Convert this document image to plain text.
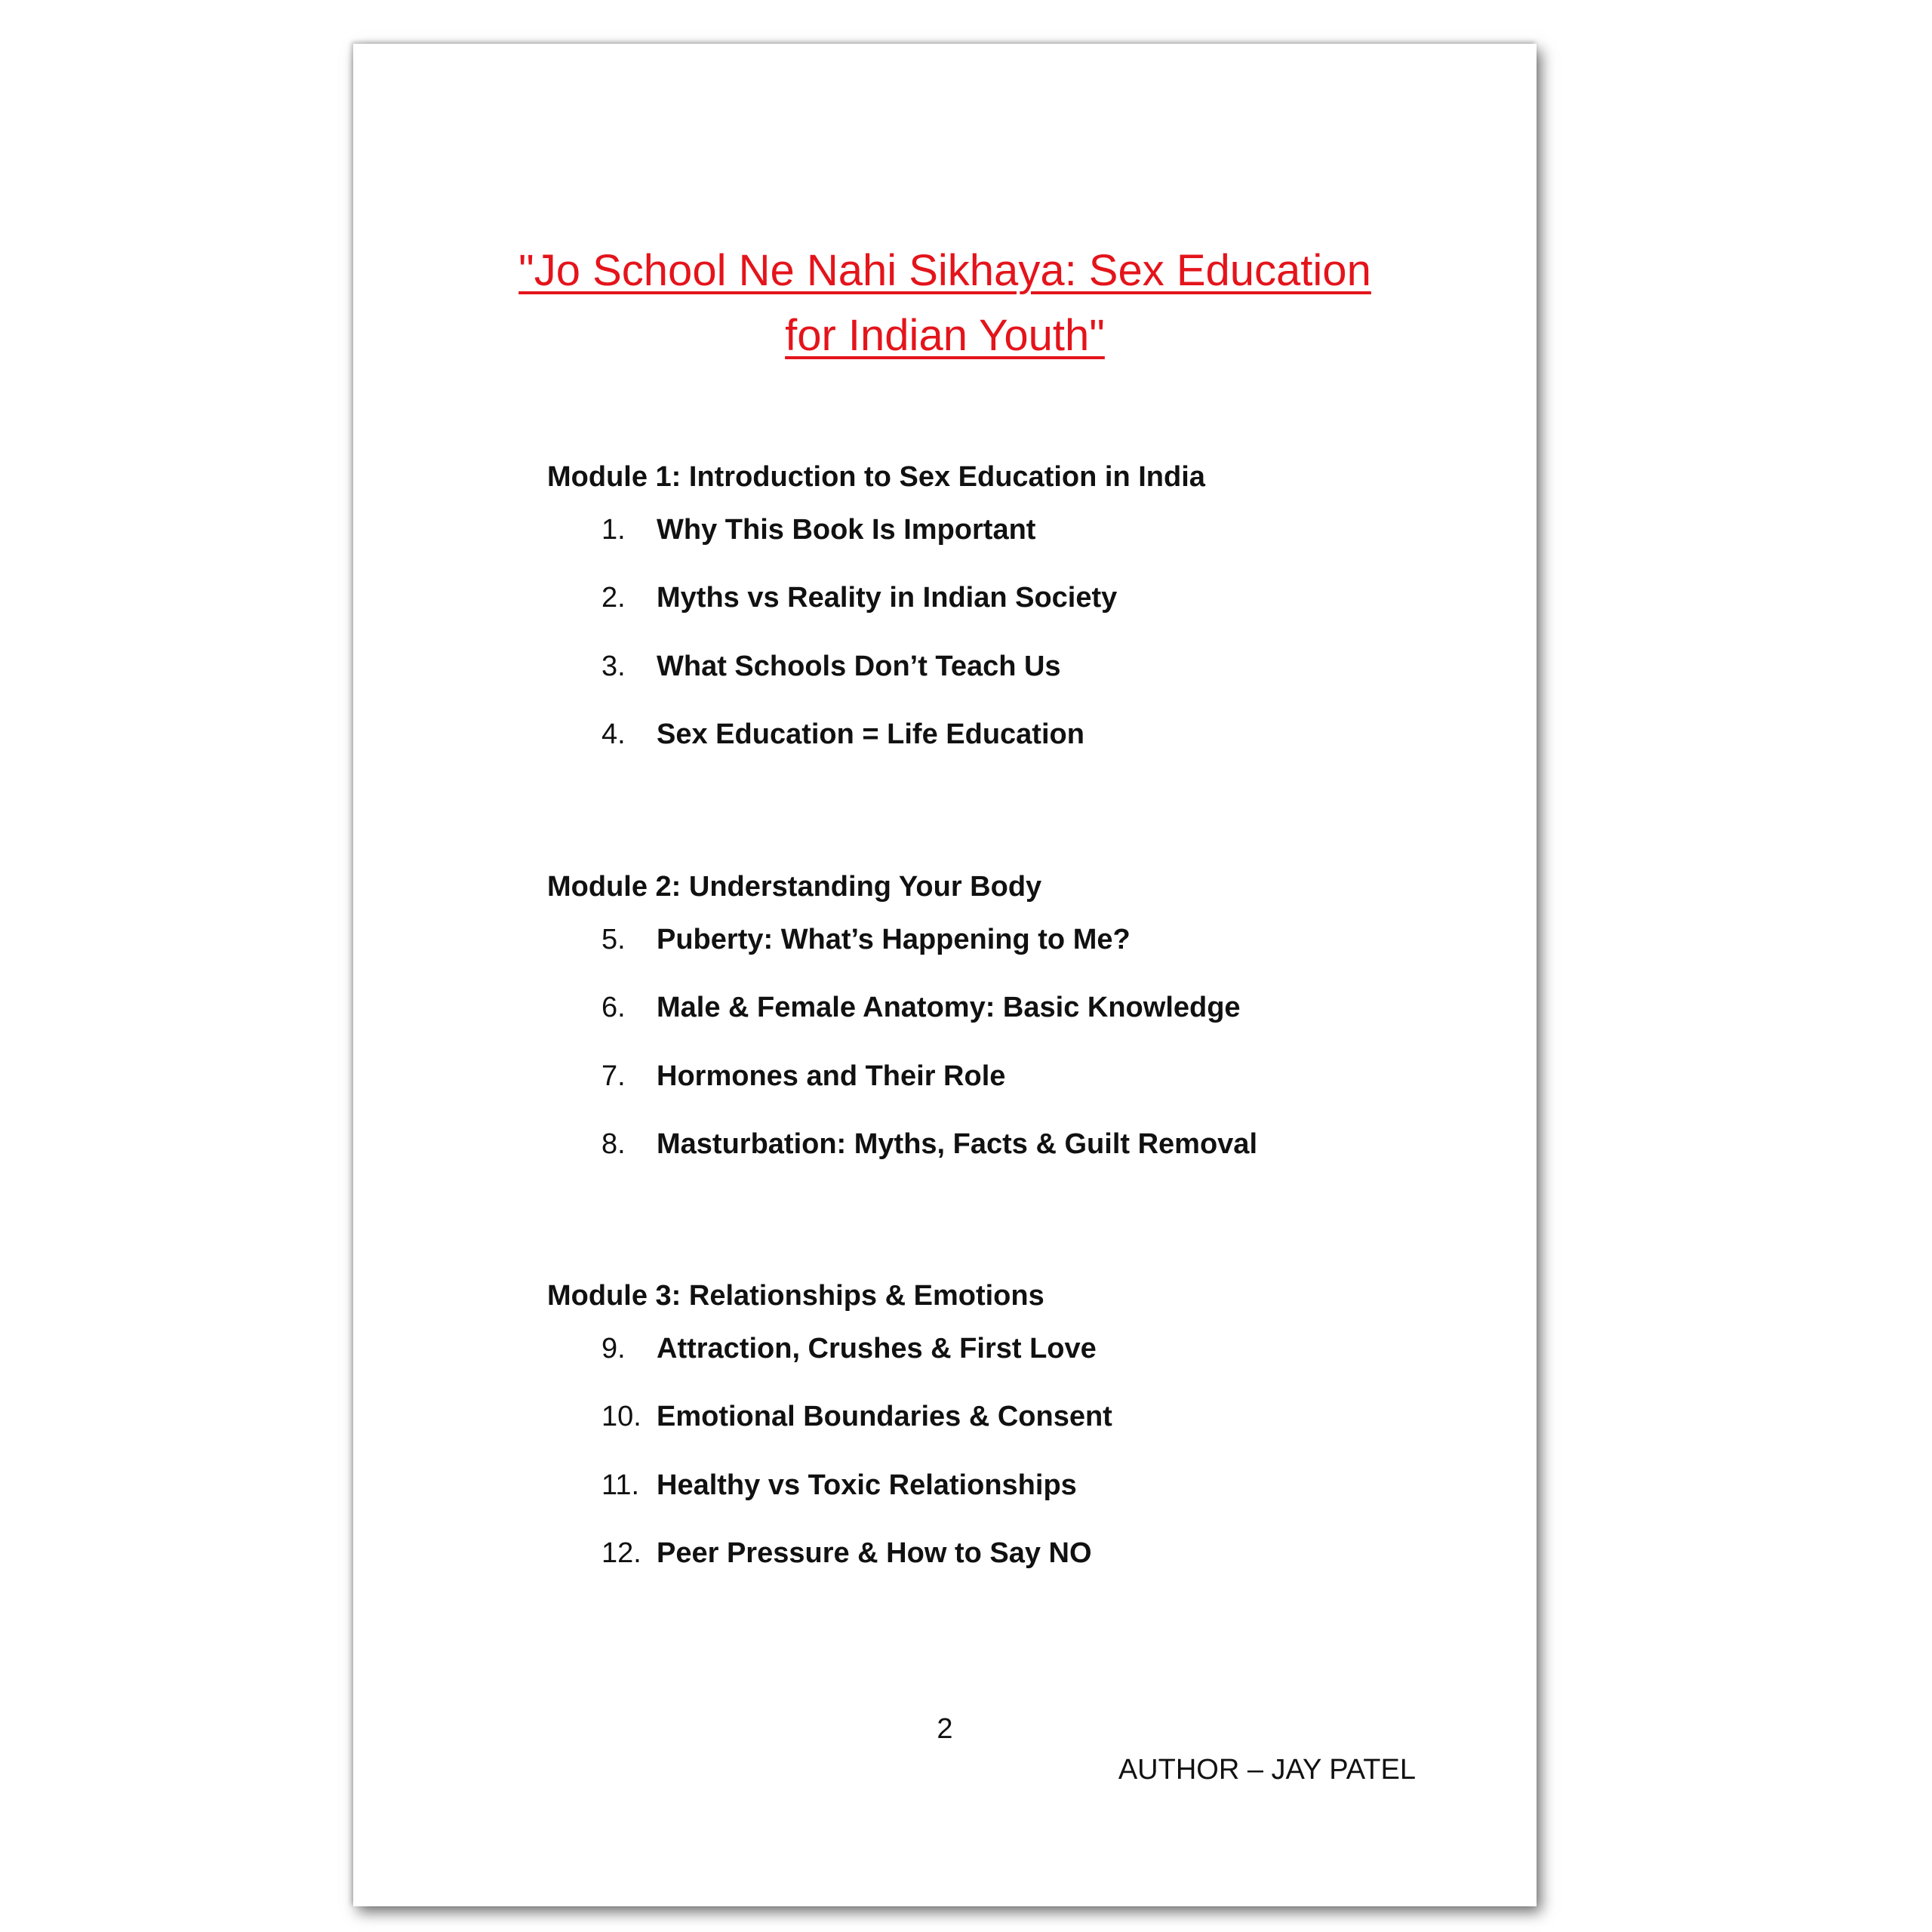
"Jo School Ne Nahi Sikhaya: Sex Education
for Indian Youth"
Module 1: Introduction to Sex Education in India
1.	Why This Book Is Important
2.	Myths vs Reality in Indian Society
3.	What Schools Don’t Teach Us
4.	Sex Education = Life Education
Module 2: Understanding Your Body
5.	Puberty: What’s Happening to Me?
6.	Male & Female Anatomy: Basic Knowledge
7.	Hormones and Their Role
8.	Masturbation: Myths, Facts & Guilt Removal
Module 3: Relationships & Emotions
9.	Attraction, Crushes & First Love
10. Emotional Boundaries & Consent
11. Healthy vs Toxic Relationships
12. Peer Pressure & How to Say NO

2

AUTHOR – JAY PATEL
